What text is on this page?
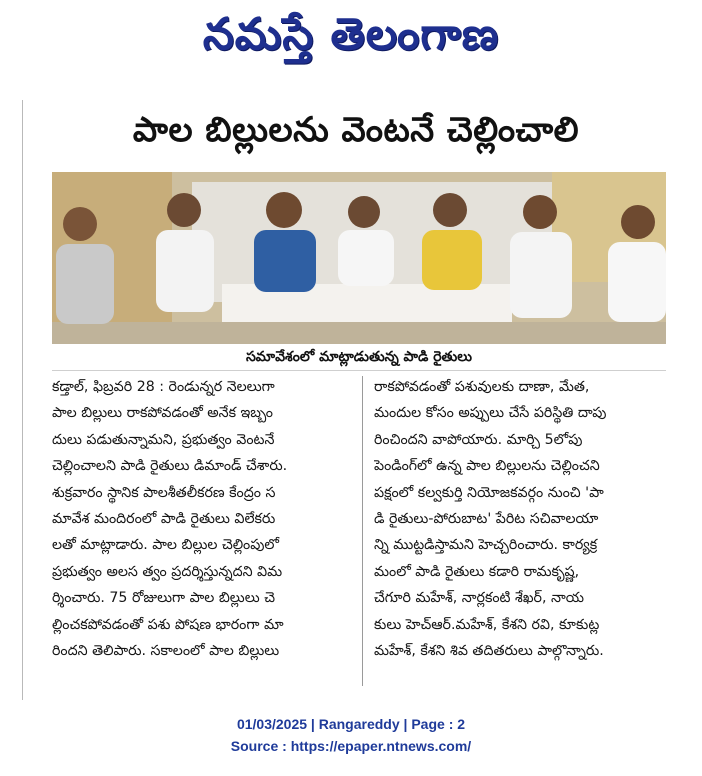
నమస్తే తెలంగాణ
పాల బిల్లులను వెంటనే చెల్లించాలి
సమావేశంలో మాట్లాడుతున్న పాడి రైతులు
కడ్తాల్, ఫిబ్రవరి 28 : రెండున్నర నెలలుగా
పాల బిల్లులు రాకపోవడంతో అనేక ఇబ్బం
దులు పడుతున్నామని, ప్రభుత్వం వెంటనే
చెల్లించాలని పాడి రైతులు డిమాండ్ చేశారు.
శుక్రవారం స్థానిక పాలశీతలీకరణ కేంద్రం స
మావేశ మందిరంలో పాడి రైతులు విలేకరు
లతో మాట్లాడారు. పాల బిల్లుల చెల్లింపులో
ప్రభుత్వం అలస త్వం ప్రదర్శిస్తున్నదని విమ
ర్శించారు. 75 రోజులుగా పాల బిల్లులు చె
ల్లించకపోవడంతో పశు పోషణ భారంగా మా
రిందని తెలిపారు. సకాలంలో పాల బిల్లులు
రాకపోవడంతో పశువులకు దాణా, మేత,
మందుల కోసం అప్పులు చేసే పరిస్థితి దాపు
రించిందని వాపోయారు. మార్చి 5లోపు
పెండింగ్‌లో ఉన్న పాల బిల్లులను చెల్లించని
పక్షంలో కల్వకుర్తి నియోజకవర్గం నుంచి 'పా
డి రైతులు-పోరుబాట' పేరిట సచివాలయా
న్ని ముట్టడిస్తామని హెచ్చరించారు. కార్యక్ర
మంలో పాడి రైతులు కడారి రామకృష్ణ,
చేగూరి మహేశ్, నార్లకంటి శేఖర్, నాయ
కులు హెచ్ఆర్.మహేశ్, కేశని రవి, కూకుట్ల
మహేశ్, కేశని శివ తదితరులు పాల్గొన్నారు.
01/03/2025 | Rangareddy | Page : 2
Source : https://epaper.ntnews.com/
